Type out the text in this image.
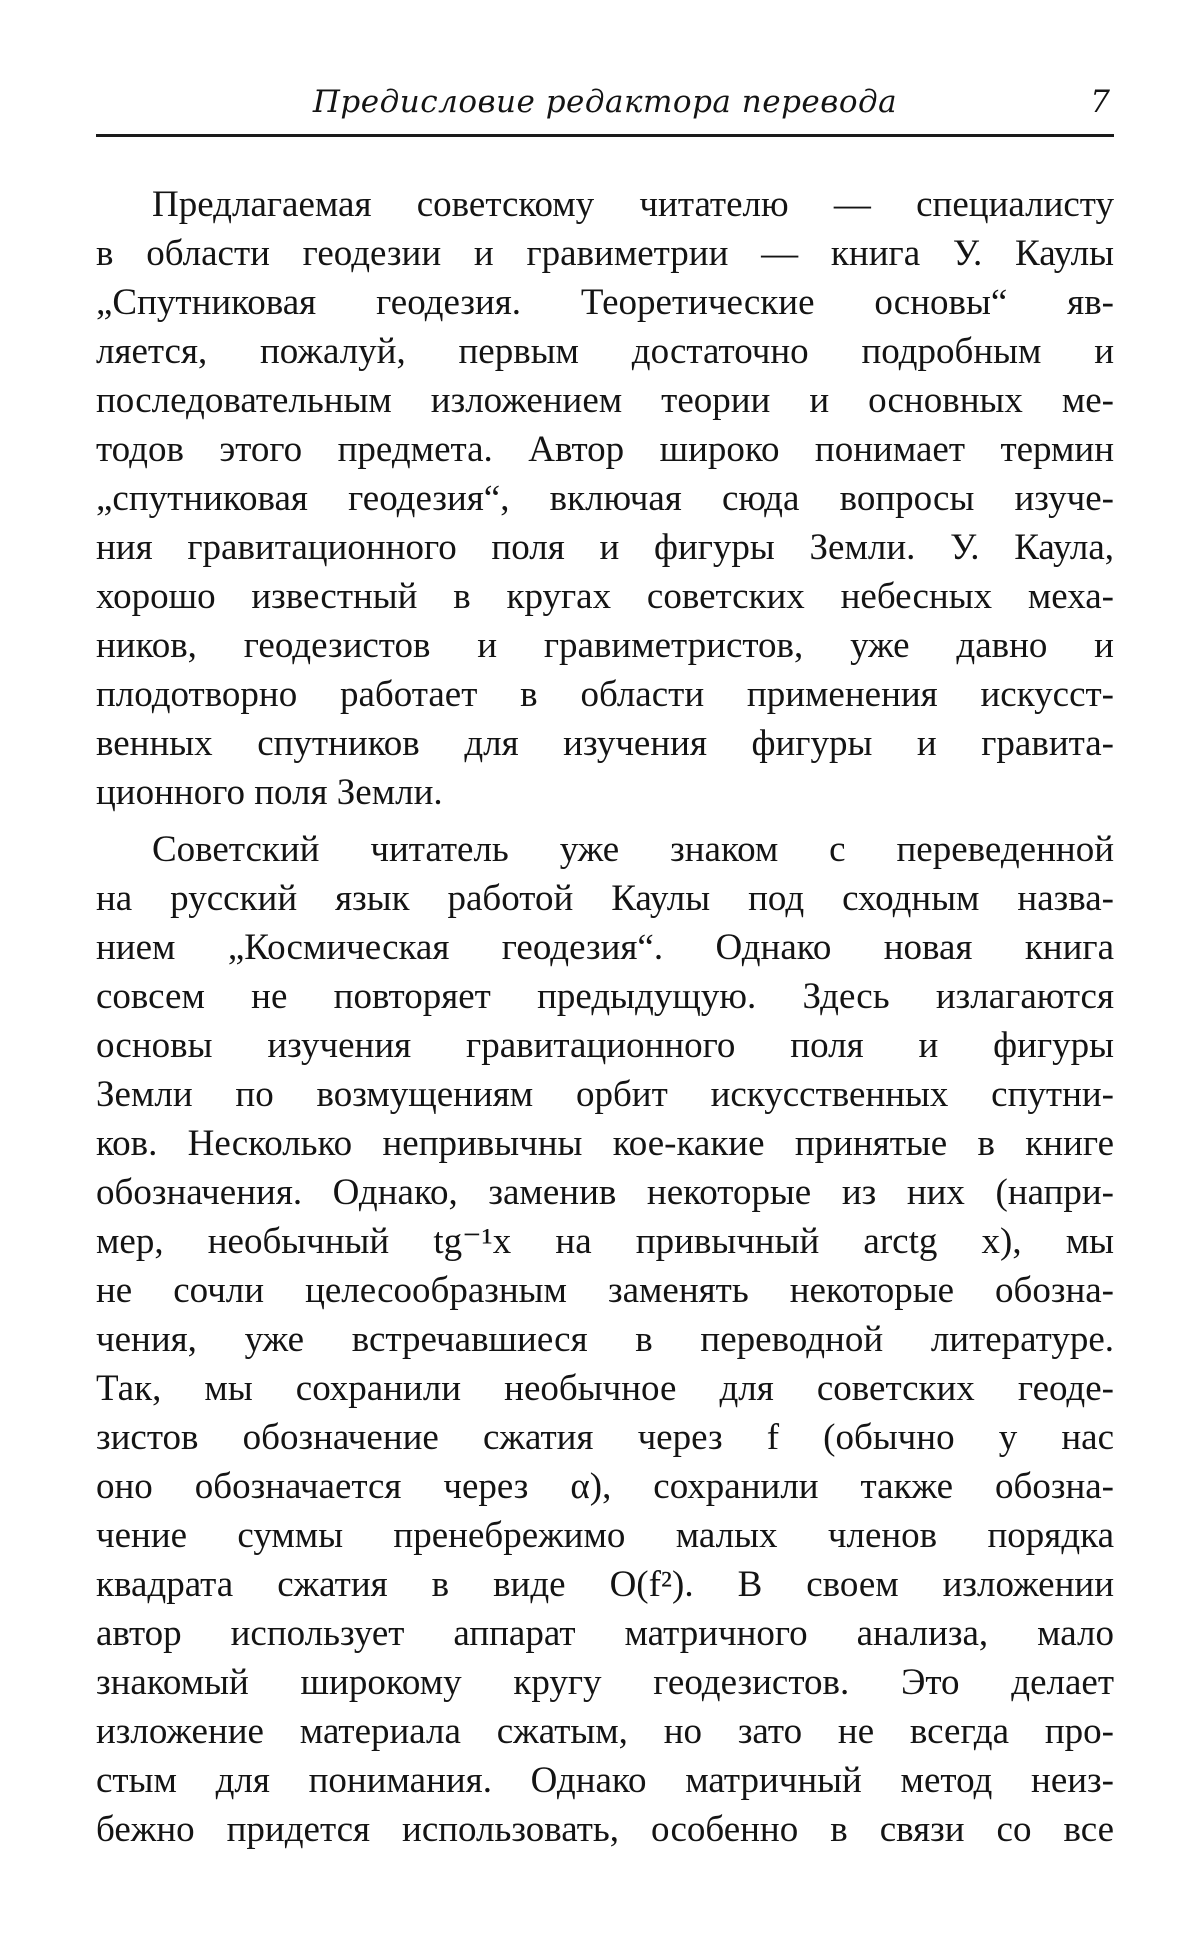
Предисловие редактора перевода	7
Предлагаемая советскому читателю — специалисту
в области геодезии и гравиметрии — книга У. Каулы
„Спутниковая геодезия. Теоретические основы“ яв-
ляется, пожалуй, первым достаточно подробным и
последовательным изложением теории и основных ме-
тодов этого предмета. Автор широко понимает термин
„спутниковая геодезия“, включая сюда вопросы изуче-
ния гравитационного поля и фигуры Земли. У. Каула,
хорошо известный в кругах советских небесных меха-
ников, геодезистов и гравиметристов, уже давно и
плодотворно работает в области применения искусст-
венных спутников для изучения фигуры и гравита-
ционного поля Земли.
Советский читатель уже знаком с переведенной
на русский язык работой Каулы под сходным назва-
нием „Космическая геодезия“. Однако новая книга
совсем не повторяет предыдущую. Здесь излагаются
основы изучения гравитационного поля и фигуры
Земли по возмущениям орбит искусственных спутни-
ков. Несколько непривычны кое-какие принятые в книге
обозначения. Однако, заменив некоторые из них (напри-
мер, необычный tg⁻¹x на привычный arctg x), мы
не сочли целесообразным заменять некоторые обозна-
чения, уже встречавшиеся в переводной литературе.
Так, мы сохранили необычное для советских геоде-
зистов обозначение сжатия через f (обычно у нас
оно обозначается через α), сохранили также обозна-
чение суммы пренебрежимо малых членов порядка
квадрата сжатия в виде O(f²). В своем изложении
автор использует аппарат матричного анализа, мало
знакомый широкому кругу геодезистов. Это делает
изложение материала сжатым, но зато не всегда про-
стым для понимания. Однако матричный метод неиз-
бежно придется использовать, особенно в связи со все
